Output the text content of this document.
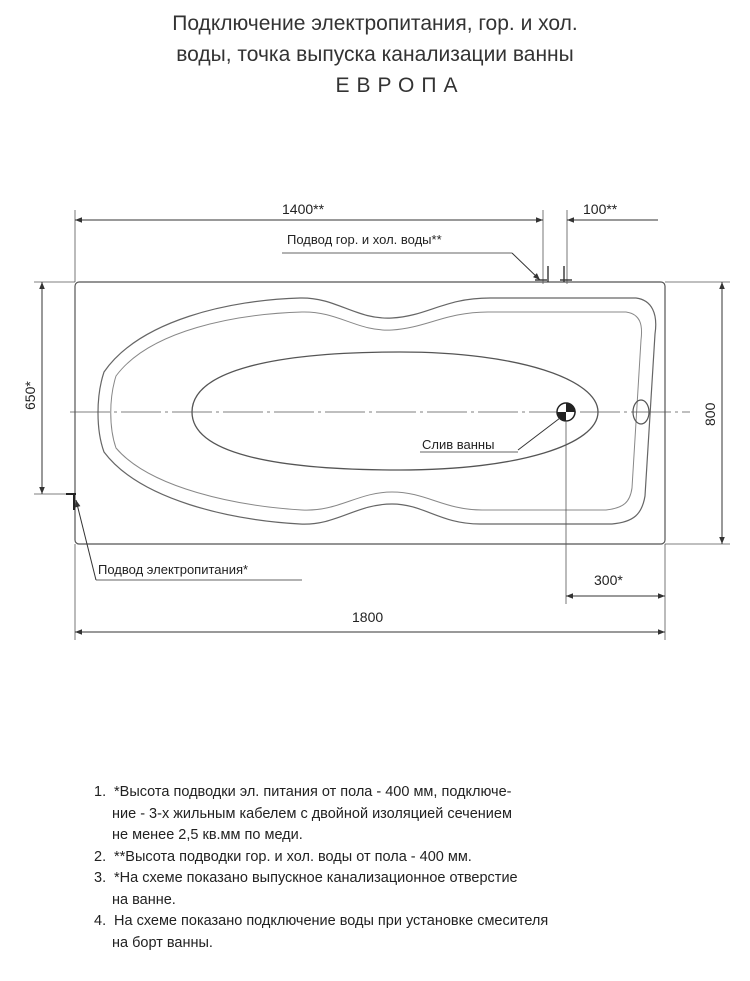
Подключение электропитания, гор. и хол.
воды, точка выпуска канализации ванны
ЕВРОПА
Слив ванны
1400**	100**
Подвод гор. и хол. воды**
800
650*
Подвод электропитания*
300*
1800

1. *Высота подводки эл. питания от пола - 400 мм, подключе-
ние - 3-х жильным кабелем с двойной изоляцией сечением
не менее 2,5 кв.мм по меди.

2. **Высота подводки гор. и хол. воды от пола - 400 мм.

3. *На схеме показано выпускное канализационное отверстие
на ванне.

4. На схеме показано подключение воды при установке смесителя
на борт ванны.
